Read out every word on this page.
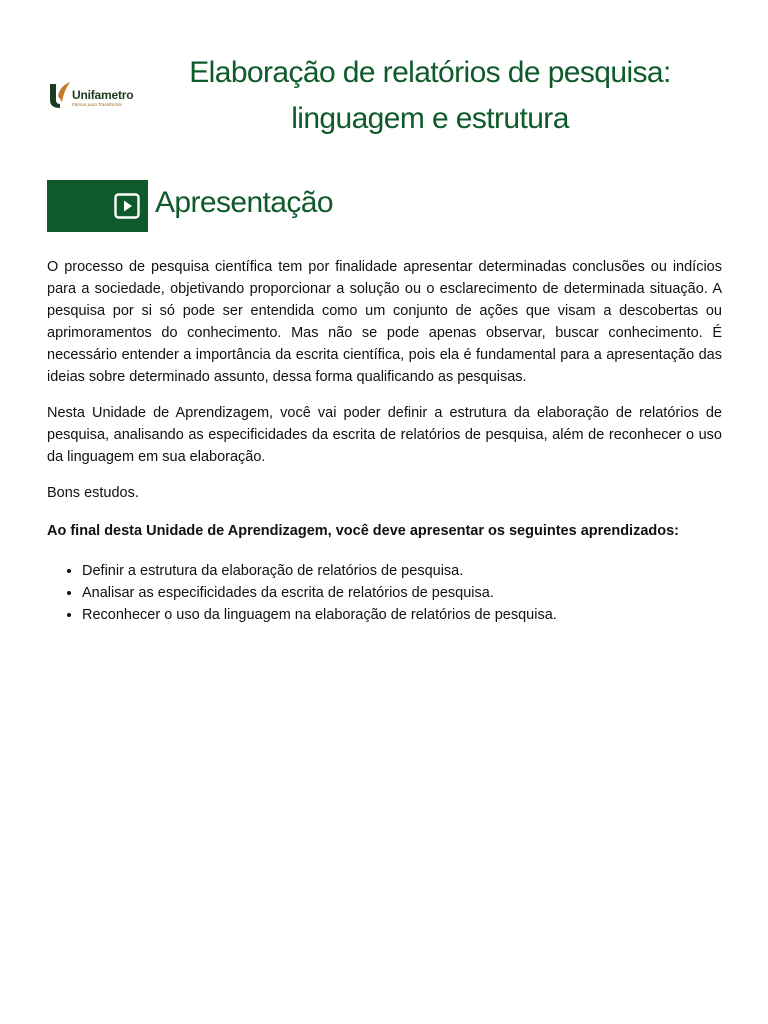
Unifametro
Formar para Transformar
Elaboração de relatórios de pesquisa:
linguagem e estrutura
Apresentação

O processo de pesquisa científica tem por finalidade apresentar determinadas conclusões ou indícios para a sociedade, objetivando proporcionar a solução ou o esclarecimento de determinada situação. A pesquisa por si só pode ser entendida como um conjunto de ações que visam a descobertas ou aprimoramentos do conhecimento. Mas não se pode apenas observar, buscar conhecimento. É necessário entender a importância da escrita científica, pois ela é fundamental para a apresentação das ideias sobre determinado assunto, dessa forma qualificando as pesquisas.

Nesta Unidade de Aprendizagem, você vai poder definir a estrutura da elaboração de relatórios de pesquisa, analisando as especificidades da escrita de relatórios de pesquisa, além de reconhecer o uso da linguagem em sua elaboração.

Bons estudos.

Ao final desta Unidade de Aprendizagem, você deve apresentar os seguintes aprendizados:

• Definir a estrutura da elaboração de relatórios de pesquisa.
• Analisar as especificidades da escrita de relatórios de pesquisa.
• Reconhecer o uso da linguagem na elaboração de relatórios de pesquisa.
